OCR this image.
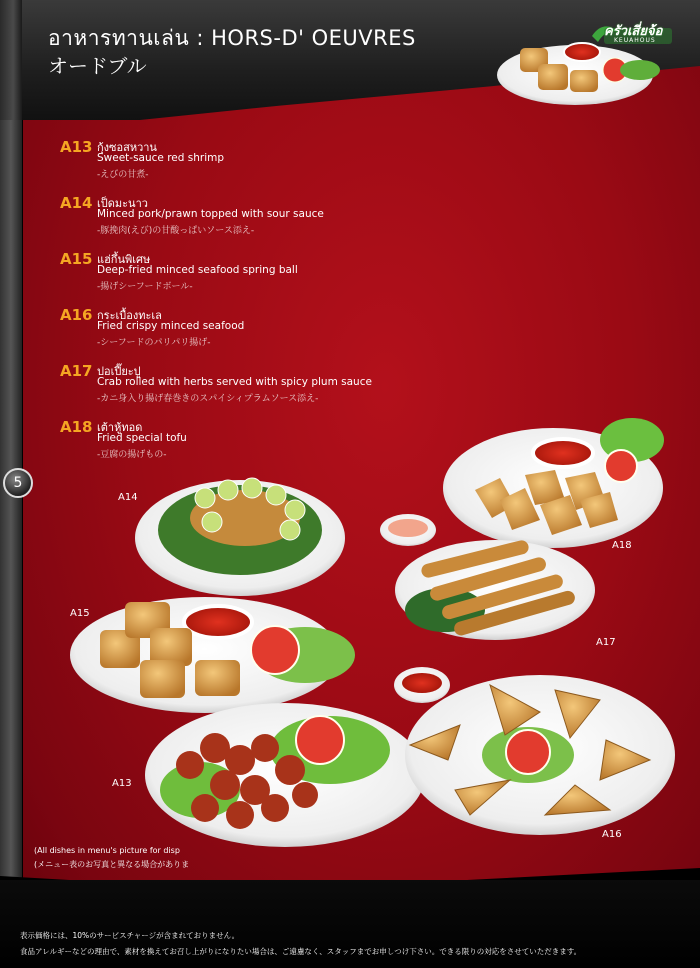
อาหารทานเล่น : HORS-D' OEUVRES
オードブル
ครัวเสี่ยจ้อ
KEUAHOUS
A13 กุ้งซอสหวาน
Sweet-sauce red shrimp
-えびの甘煮-
A14 เป็ดมะนาว
Minced pork/prawn topped with sour sauce
-豚挽肉(えび)の甘酸っぱいソース添え-
A15 แฮ่กึ้นพิเศษ
Deep-fried minced seafood spring ball
-揚げシーフードボール-
A16 กระเบื้องทะเล
Fried crispy minced seafood
-シーフードのパリパリ揚げ-
A17 ปอเปี๊ยะปู
Crab rolled with herbs served with spicy plum sauce
-カニ身入り揚げ春巻きのスパイシィプラムソース添え-
A18 เต้าหู้ทอด
Fried special tofu
-豆腐の揚げもの-
5
A14
A18
A15
A17
A13
A16
(All dishes in menu's picture for disp
(メニュー表のお写真と異なる場合がありま
表示価格には、10%のサービスチャージが含まれておりません。
食品アレルギーなどの理由で、素材を換えてお召し上がりになりたい場合は、ご遠慮なく、スタッフまでお申しつけ下さい。できる限りの対応をさせていただきます。
